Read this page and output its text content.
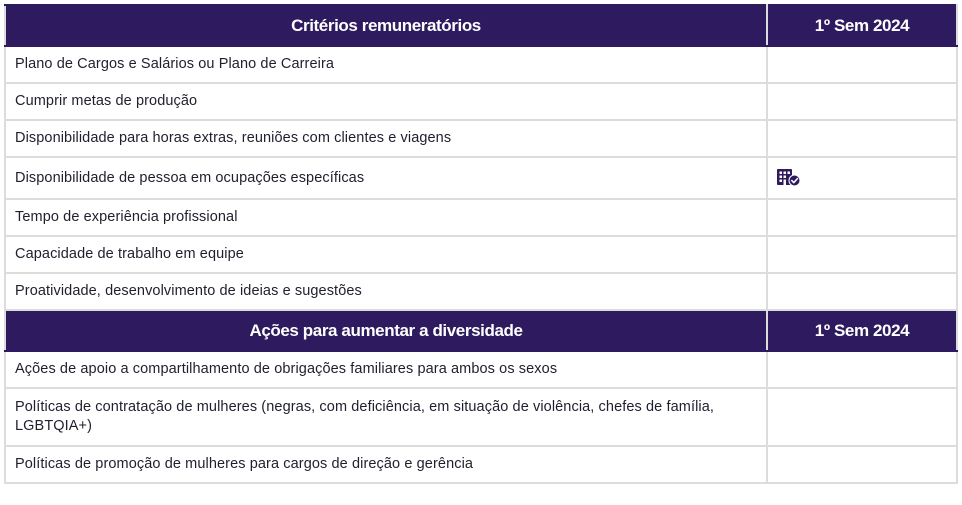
Critérios remuneratórios	1º Sem 2024
Plano de Cargos e Salários ou Plano de Carreira	
Cumprir metas de produção	
Disponibilidade para horas extras, reuniões com clientes e viagens	
Disponibilidade de pessoa em ocupações específicas	

Tempo de experiência profissional	
Capacidade de trabalho em equipe	
Proatividade, desenvolvimento de ideias e sugestões	
Ações para aumentar a diversidade	1º Sem 2024
Ações de apoio a compartilhamento de obrigações familiares para ambos os sexos	
Políticas de contratação de mulheres (negras, com deficiência, em situação de violência, chefes de família, LGBTQIA+)	
Políticas de promoção de mulheres para cargos de direção e gerência	
